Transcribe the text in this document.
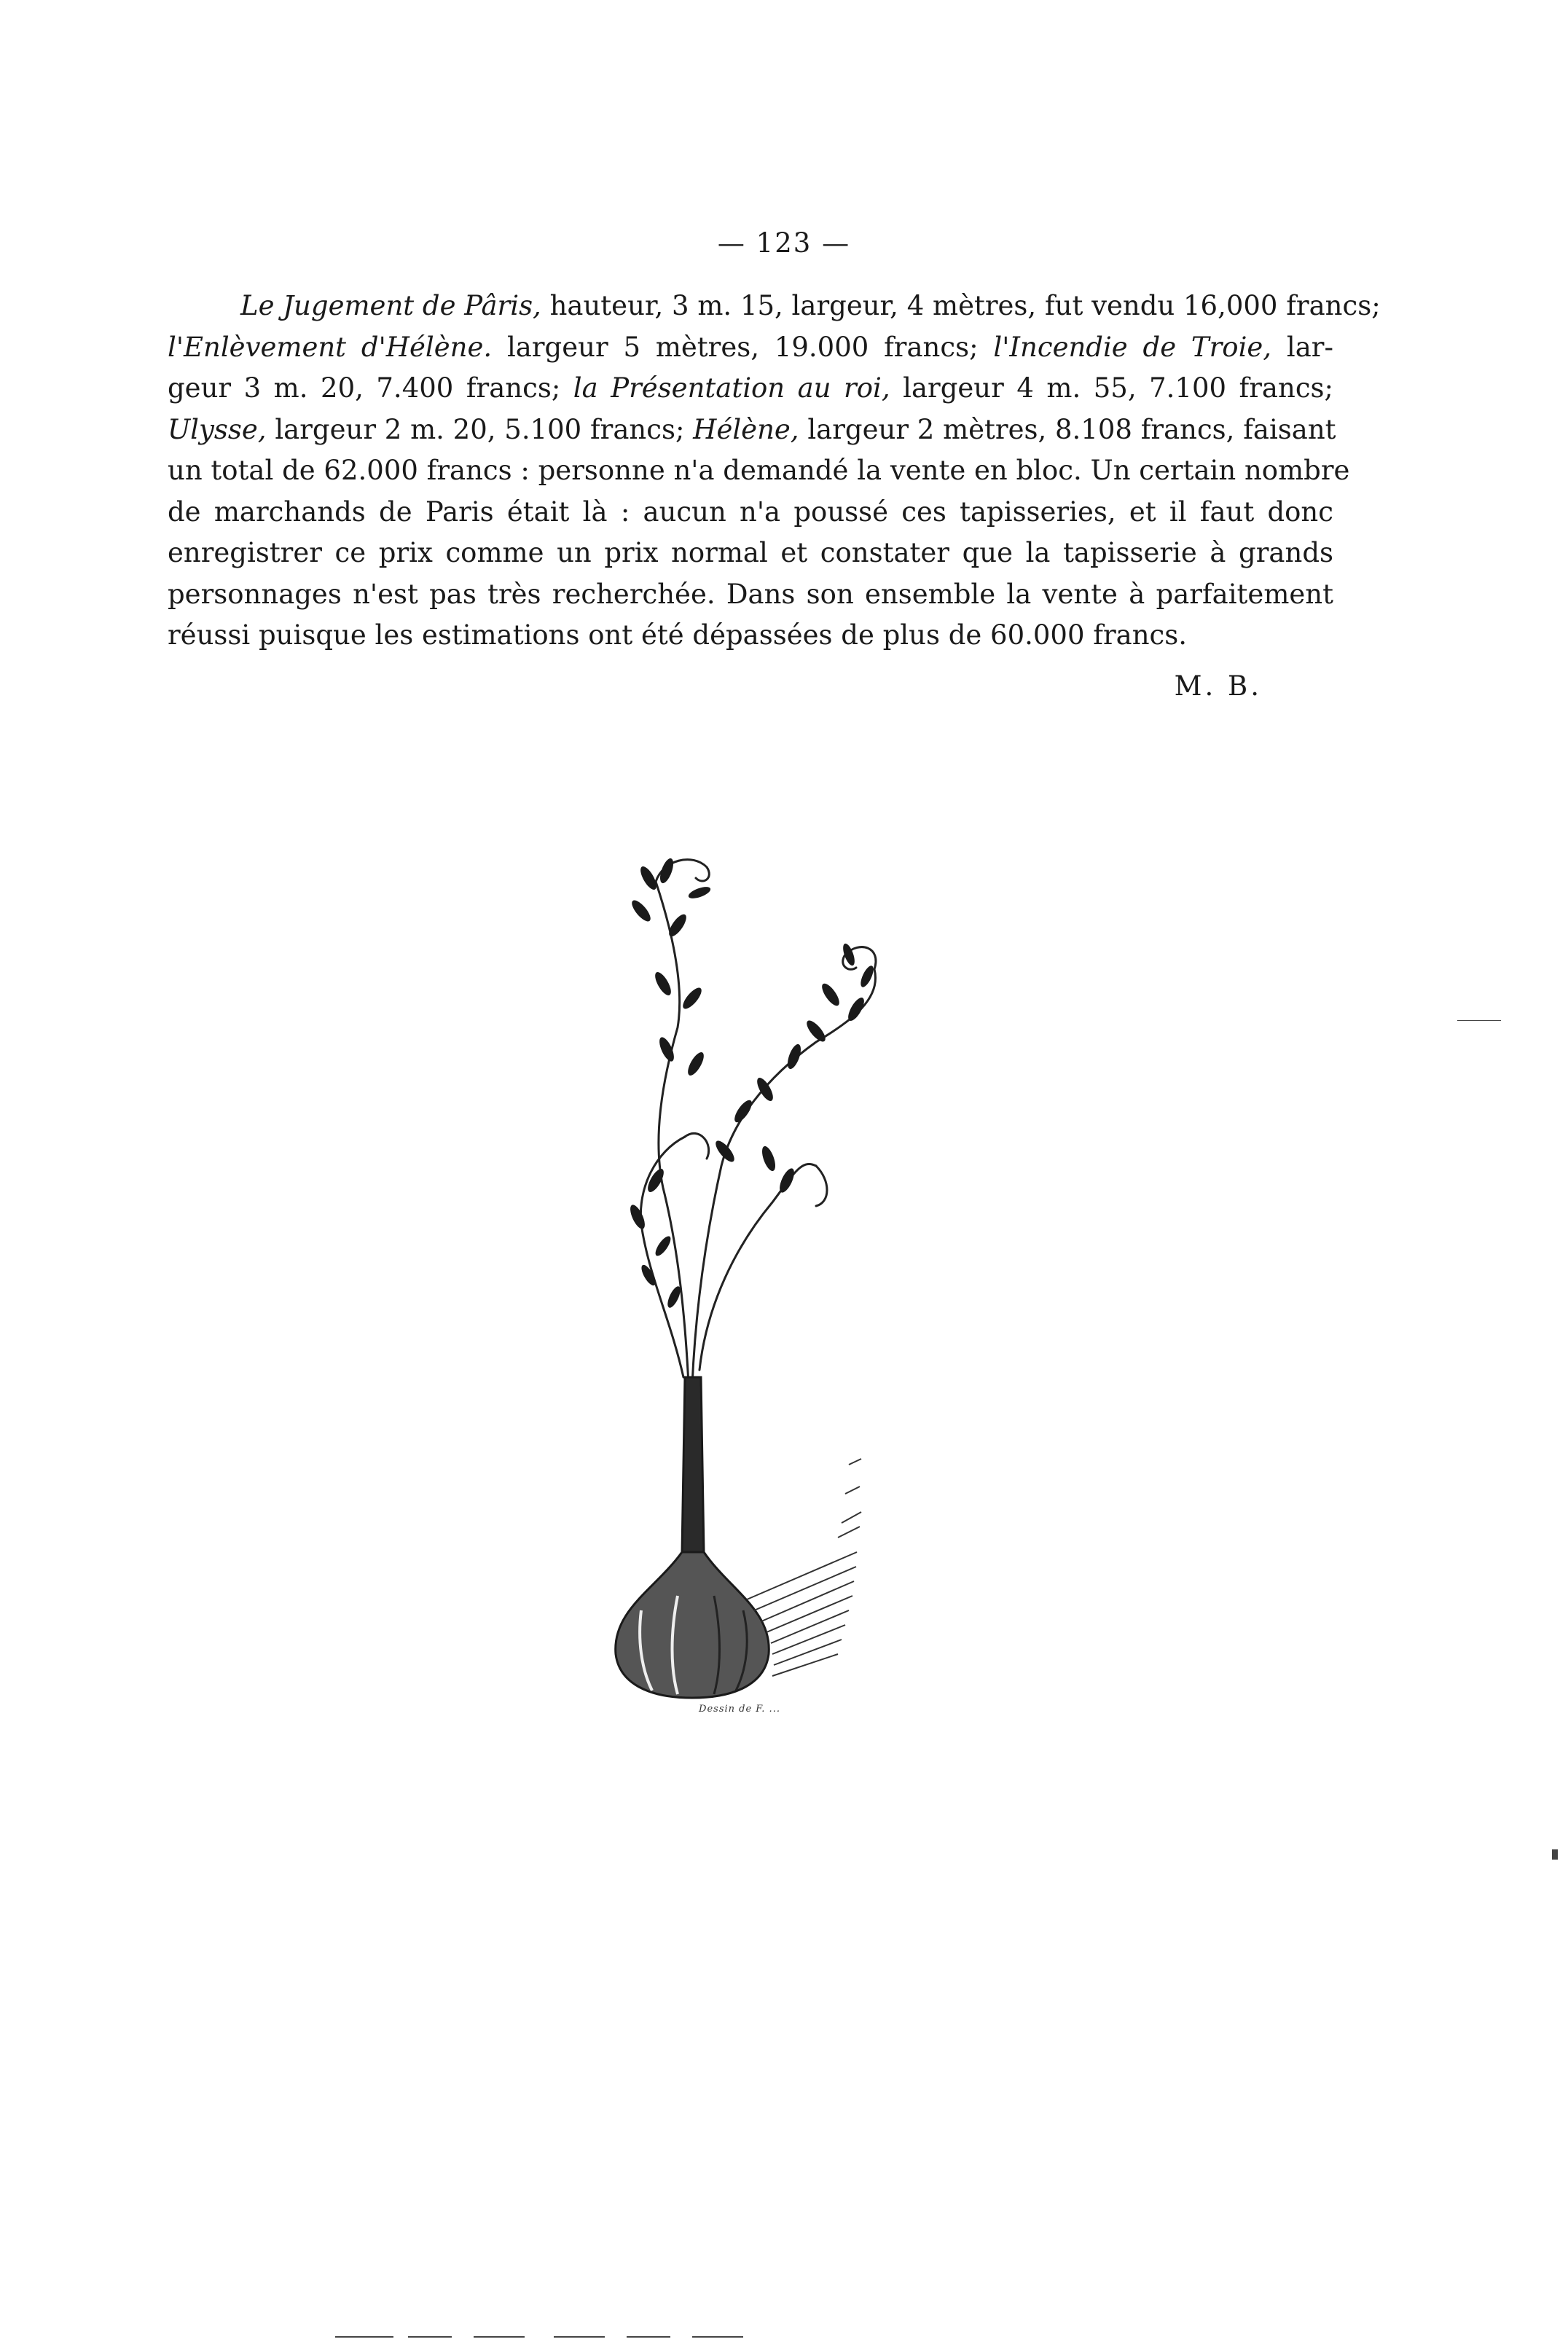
— 123 —
Le Jugement de Pâris, hauteur, 3 m. 15, largeur, 4 mètres, fut vendu 16,000 francs;
l'Enlèvement d'Hélène. largeur 5 mètres, 19.000 francs; l'Incendie de Troie, lar-
geur 3 m. 20, 7.400 francs; la Présentation au roi, largeur 4 m. 55, 7.100 francs;
Ulysse, largeur 2 m. 20, 5.100 francs; Hélène, largeur 2 mètres, 8.108 francs, faisant
un total de 62.000 francs : personne n'a demandé la vente en bloc. Un certain nombre
de marchands de Paris était là : aucun n'a poussé ces tapisseries, et il faut donc
enregistrer ce prix comme un prix normal et constater que la tapisserie à grands
personnages n'est pas très recherchée. Dans son ensemble la vente à parfaitement
réussi puisque les estimations ont été dépassées de plus de 60.000 francs.
M. B.
Dessin de F. ...
